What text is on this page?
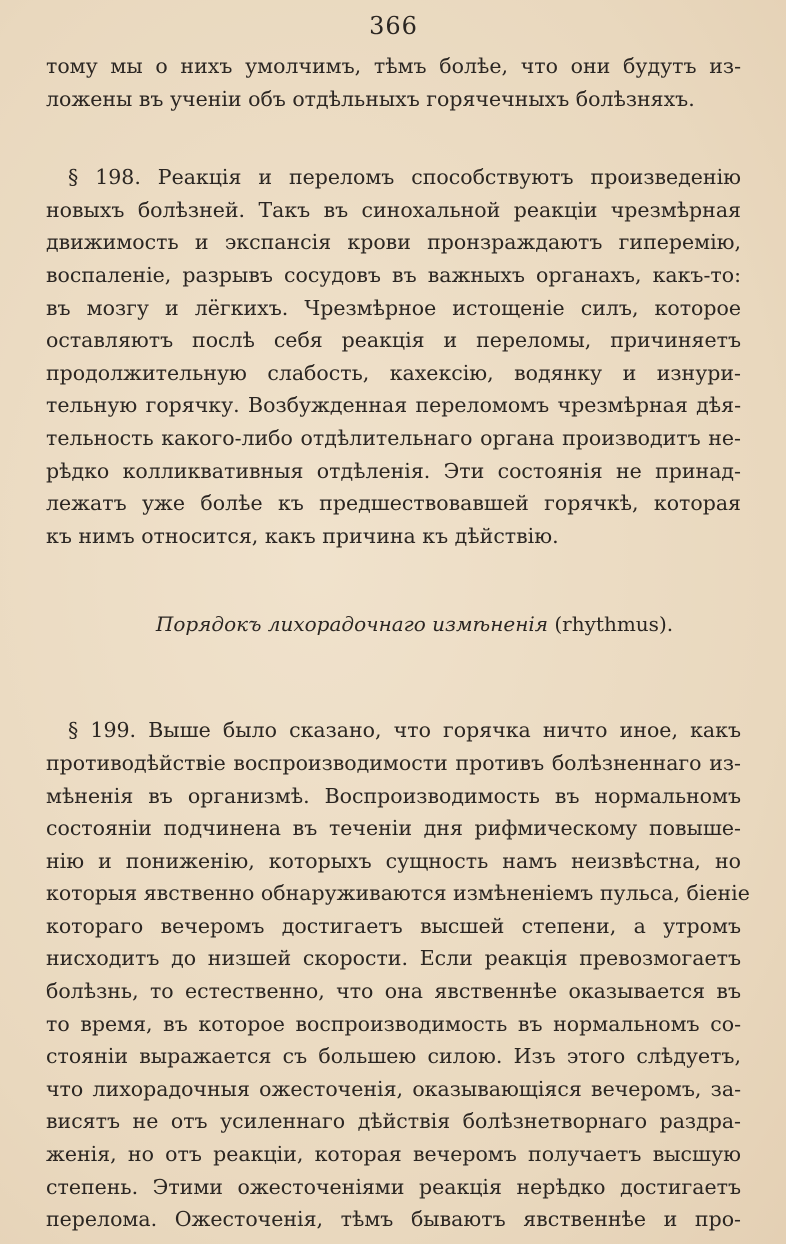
366
тому мы о нихъ умолчимъ, тѣмъ болѣе, что они будутъ из-
ложены въ ученіи объ отдѣльныхъ горячечныхъ болѣзняхъ.
§ 198. Реакція и переломъ способствуютъ произведенію
новыхъ болѣзней. Такъ въ синохальной реакціи чрезмѣрная
движимость и экспансія крови пронзраждаютъ гиперемію,
воспаленіе, разрывъ сосудовъ въ важныхъ органахъ, какъ-то:
въ мозгу и лёгкихъ. Чрезмѣрное истощеніе силъ, которое
оставляютъ послѣ себя реакція и переломы, причиняетъ
продолжительную слабость, кахексію, водянку и изнури-
тельную горячку. Возбужденная переломомъ чрезмѣрная дѣя-
тельность какого-либо отдѣлительнаго органа производитъ не-
рѣдко колликвативныя отдѣленія. Эти состоянія не принад-
лежатъ уже болѣе къ предшествовавшей горячкѣ, которая
къ нимъ относится, какъ причина къ дѣйствію.
Порядокъ лихорадочнаго измѣненія (rhythmus).
§ 199. Выше было сказано, что горячка ничто иное, какъ
противодѣйствіе воспроизводимости противъ болѣзненнаго из-
мѣненія въ организмѣ. Воспроизводимость въ нормальномъ
состояніи подчинена въ теченіи дня рифмическому повыше-
нію и пониженію, которыхъ сущность намъ неизвѣстна, но
которыя явственно обнаруживаются измѣненіемъ пульса, біеніе
котораго вечеромъ достигаетъ высшей степени, а утромъ
нисходитъ до низшей скорости. Если реакція превозмогаетъ
болѣзнь, то естественно, что она явственнѣе оказывается въ
то время, въ которое воспроизводимость въ нормальномъ со-
стояніи выражается съ большею силою. Изъ этого слѣдуетъ,
что лихорадочныя ожесточенія, оказывающіяся вечеромъ, за-
висятъ не отъ усиленнаго дѣйствія болѣзнетворнаго раздра-
женія, но отъ реакціи, которая вечеромъ получаетъ высшую
степень. Этими ожесточеніями реакція нерѣдко достигаетъ
перелома. Ожесточенія, тѣмъ бываютъ явственнѣе и про-
